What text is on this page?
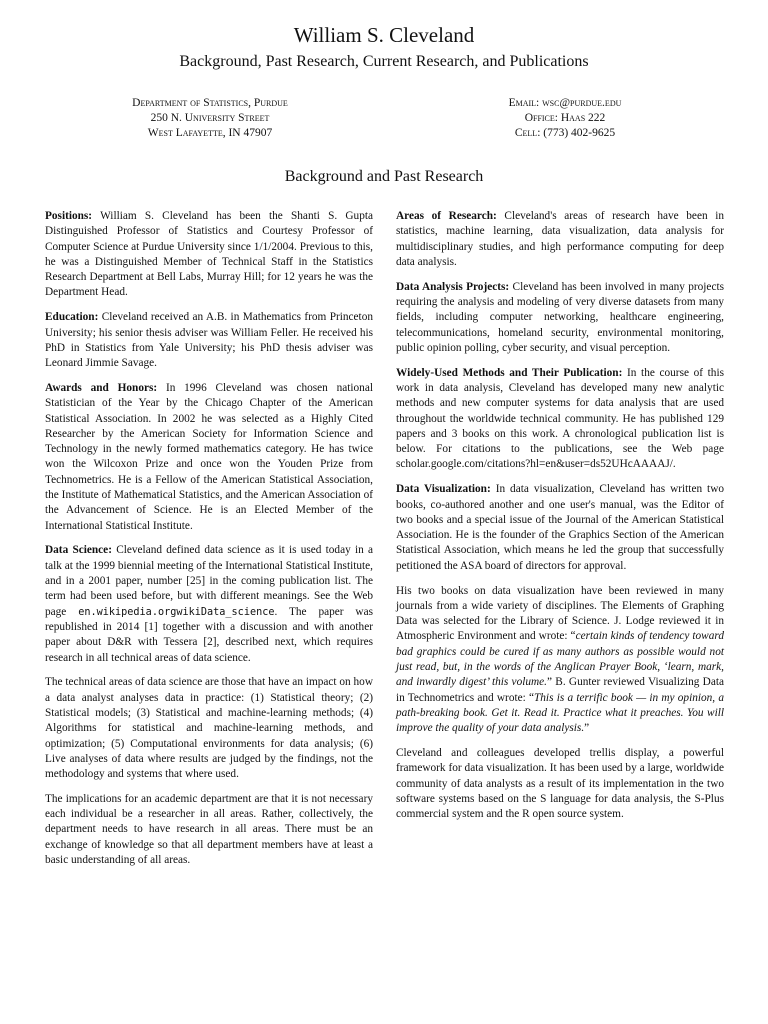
William S. Cleveland
Background, Past Research, Current Research, and Publications
Department of Statistics, Purdue
250 N. University Street
West Lafayette, IN 47907
Email: wsc@purdue.edu
Office: Haas 222
Cell: (773) 402-9625
Background and Past Research

Positions: William S. Cleveland has been the Shanti S. Gupta Distinguished Professor of Statistics and Courtesy Professor of Computer Science at Purdue University since 1/1/2004. Previous to this, he was a Distinguished Member of Technical Staff in the Statistics Research Department at Bell Labs, Murray Hill; for 12 years he was the Department Head.

Education: Cleveland received an A.B. in Mathematics from Princeton University; his senior thesis adviser was William Feller. He received his PhD in Statistics from Yale University; his PhD thesis adviser was Leonard Jimmie Savage.

Awards and Honors: In 1996 Cleveland was chosen national Statistician of the Year by the Chicago Chapter of the American Statistical Association. In 2002 he was selected as a Highly Cited Researcher by the American Society for Information Science and Technology in the newly formed mathematics category. He has twice won the Wilcoxon Prize and once won the Youden Prize from Technometrics. He is a Fellow of the American Statistical Association, the Institute of Mathematical Statistics, and the American Association of the Advancement of Science. He is an Elected Member of the International Statistical Institute.

Data Science: Cleveland defined data science as it is used today in a talk at the 1999 biennial meeting of the International Statistical Institute, and in a 2001 paper, number [25] in the coming publication list. The term had been used before, but with different meanings. See the Web page en.wikipedia.orgwikiData_science. The paper was republished in 2014 [1] together with a discussion and with another paper about D&R with Tessera [2], described next, which requires research in all technical areas of data science.

The technical areas of data science are those that have an impact on how a data analyst analyses data in practice: (1) Statistical theory; (2) Statistical models; (3) Statistical and machine-learning methods; (4) Algorithms for statistical and machine-learning methods, and optimization; (5) Computational environments for data analysis; (6) Live analyses of data where results are judged by the findings, not the methodology and systems that where used.

The implications for an academic department are that it is not necessary each individual be a researcher in all areas. Rather, collectively, the department needs to have research in all areas. There must be an exchange of knowledge so that all department members have at least a basic understanding of all areas.

Areas of Research: Cleveland's areas of research have been in statistics, machine learning, data visualization, data analysis for multidisciplinary studies, and high performance computing for deep data analysis.

Data Analysis Projects: Cleveland has been involved in many projects requiring the analysis and modeling of very diverse datasets from many fields, including computer networking, healthcare engineering, telecommunications, homeland security, environmental monitoring, public opinion polling, cyber security, and visual perception.

Widely-Used Methods and Their Publication: In the course of this work in data analysis, Cleveland has developed many new analytic methods and new computer systems for data analysis that are used throughout the worldwide technical community. He has published 129 papers and 3 books on this work. A chronological publication list is below. For citations to the publications, see the Web page scholar.google.com/citations?hl=en&user=ds52UHcAAAAJ/.

Data Visualization: In data visualization, Cleveland has written two books, co-authored another and one user's manual, was the Editor of two books and a special issue of the Journal of the American Statistical Association. He is the founder of the Graphics Section of the American Statistical Association, which means he led the group that successfully petitioned the ASA board of directors for approval.

His two books on data visualization have been reviewed in many journals from a wide variety of disciplines. The Elements of Graphing Data was selected for the Library of Science. J. Lodge reviewed it in Atmospheric Environment and wrote: “certain kinds of tendency toward bad graphics could be cured if as many authors as possible would not just read, but, in the words of the Anglican Prayer Book, ‘learn, mark, and inwardly digest’ this volume.” B. Gunter reviewed Visualizing Data in Technometrics and wrote: “This is a terrific book — in my opinion, a path-breaking book. Get it. Read it. Practice what it preaches. You will improve the quality of your data analysis.”

Cleveland and colleagues developed trellis display, a powerful framework for data visualization. It has been used by a large, worldwide community of data analysts as a result of its implementation in the two software systems based on the S language for data analysis, the S-Plus commercial system and the R open source system.
